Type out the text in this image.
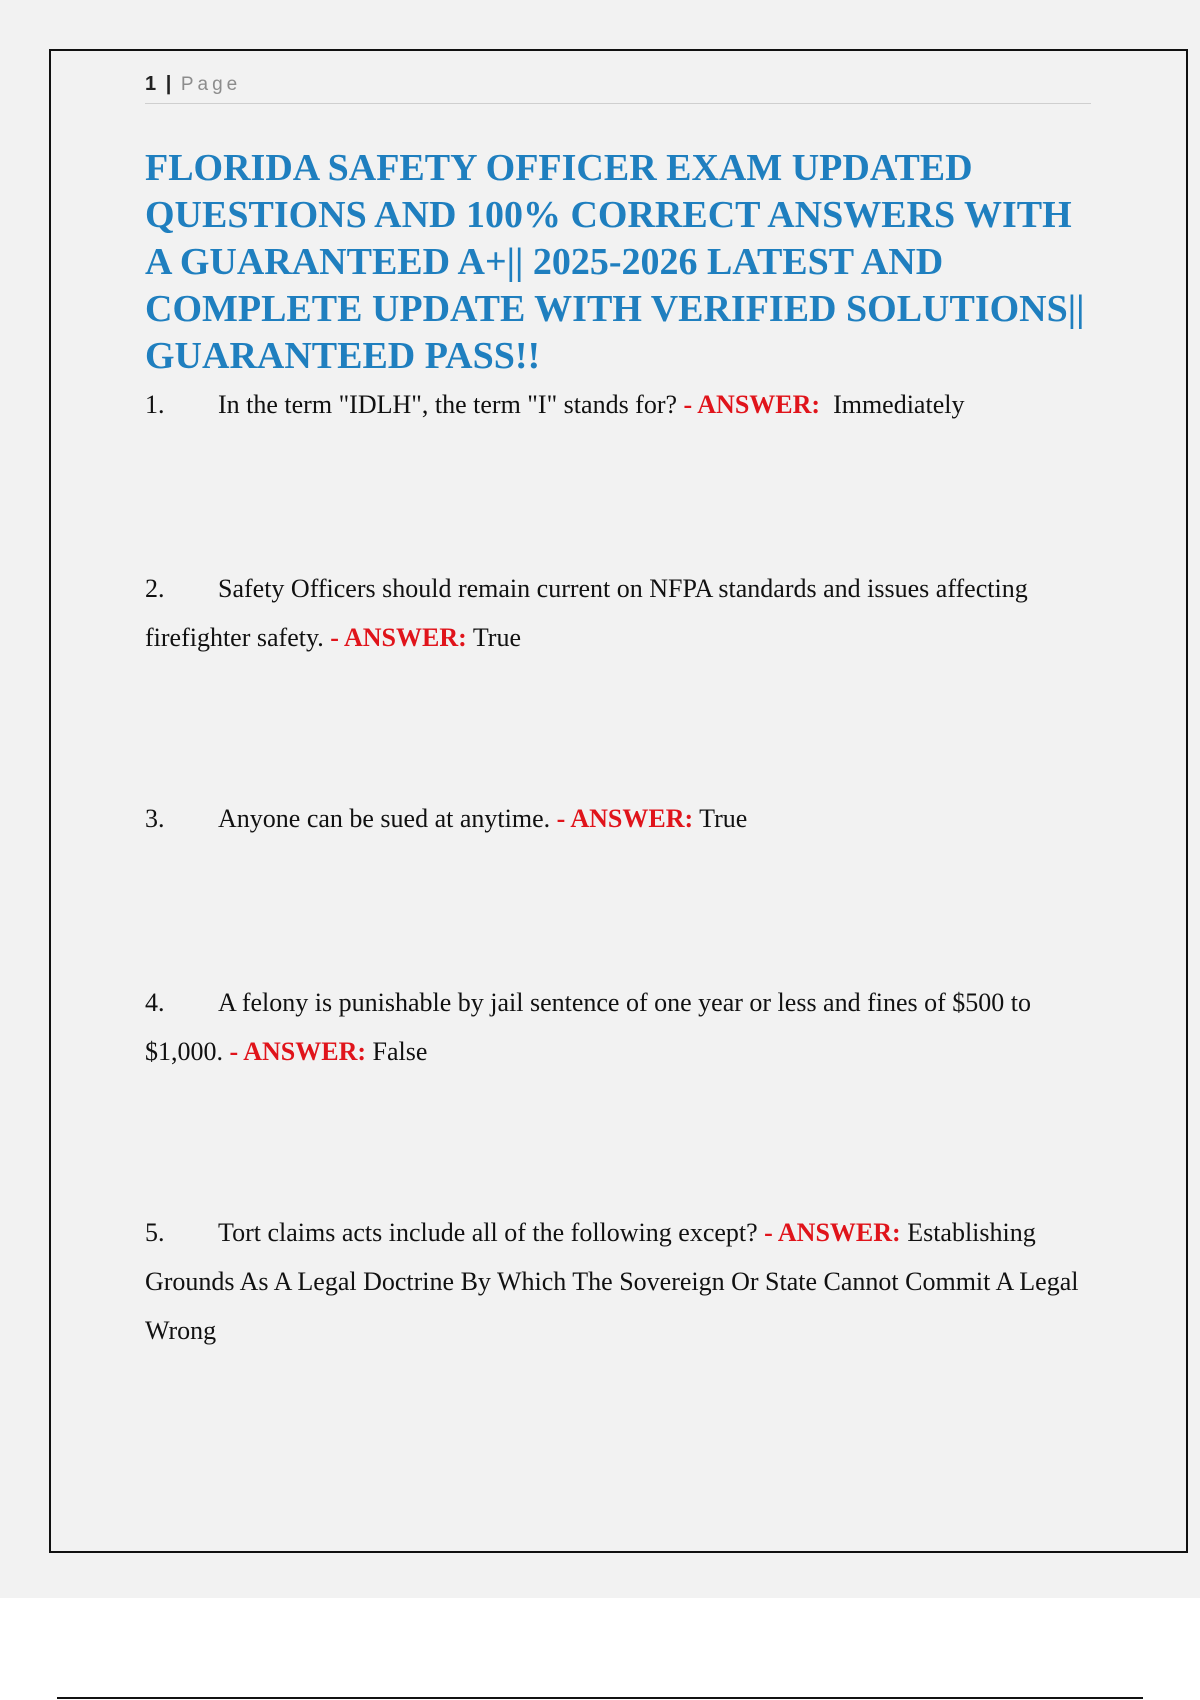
1 | Page
FLORIDA SAFETY OFFICER EXAM UPDATED QUESTIONS AND 100% CORRECT ANSWERS WITH A GUARANTEED A+|| 2025-2026 LATEST AND COMPLETE UPDATE WITH VERIFIED SOLUTIONS|| GUARANTEED PASS!!
1. In the term "IDLH", the term "I" stands for? - ANSWER: Immediately
2. Safety Officers should remain current on NFPA standards and issues affecting firefighter safety. - ANSWER: True
3. Anyone can be sued at anytime. - ANSWER: True
4. A felony is punishable by jail sentence of one year or less and fines of $500 to $1,000. - ANSWER: False
5. Tort claims acts include all of the following except? - ANSWER: Establishing Grounds As A Legal Doctrine By Which The Sovereign Or State Cannot Commit A Legal Wrong
